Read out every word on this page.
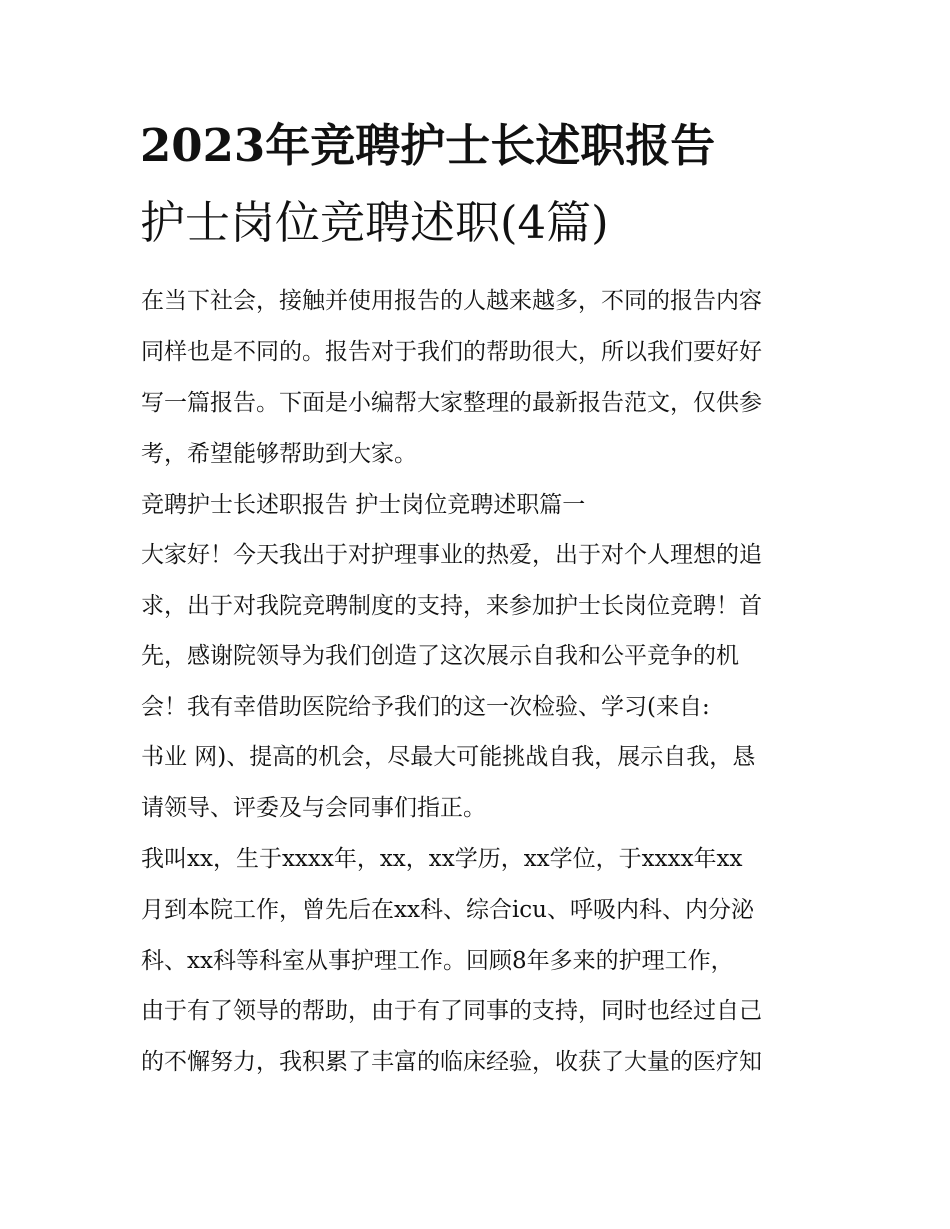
2023年竞聘护士长述职报告
护士岗位竞聘述职(4篇)

在当下社会，接触并使用报告的人越来越多，不同的报告内容

同样也是不同的。报告对于我们的帮助很大，所以我们要好好

写一篇报告。下面是小编帮大家整理的最新报告范文，仅供参

考，希望能够帮助到大家。

竞聘护士长述职报告 护士岗位竞聘述职篇一

大家好！今天我出于对护理事业的热爱，出于对个人理想的追

求，出于对我院竞聘制度的支持，来参加护士长岗位竞聘！首

先，感谢院领导为我们创造了这次展示自我和公平竞争的机

会！我有幸借助医院给予我们的这一次检验、学习(来自:

书业 网)、提高的机会，尽最大可能挑战自我，展示自我，恳

请领导、评委及与会同事们指正。

我叫xx，生于xxxx年，xx，xx学历，xx学位，于xxxx年xx

月到本院工作，曾先后在xx科、综合icu、呼吸内科、内分泌

科、xx科等科室从事护理工作。回顾8年多来的护理工作，

由于有了领导的帮助，由于有了同事的支持，同时也经过自己

的不懈努力，我积累了丰富的临床经验，收获了大量的医疗知
